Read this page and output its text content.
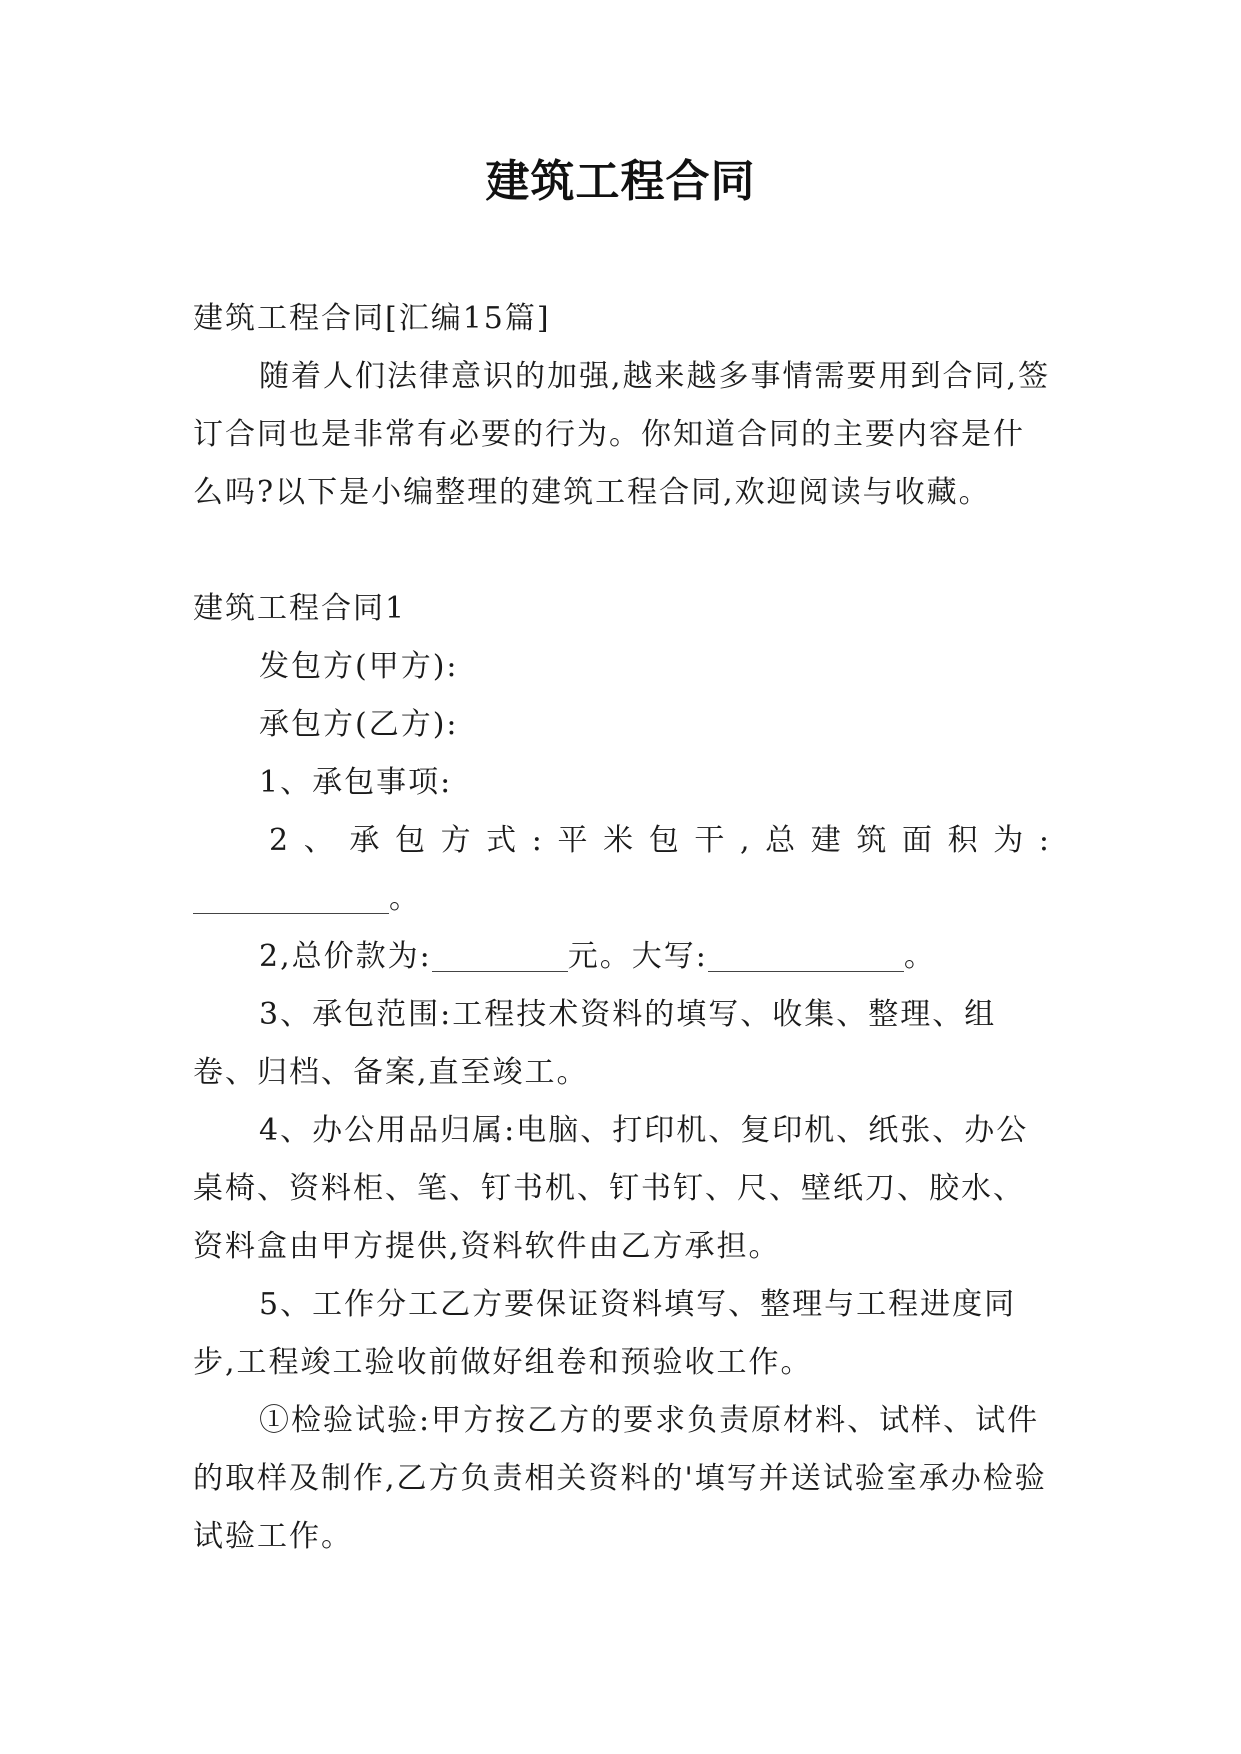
建筑工程合同

建筑工程合同[汇编15篇]

随着人们法律意识的加强,越来越多事情需要用到合同,签订合同也是非常有必要的行为。你知道合同的主要内容是什么吗?以下是小编整理的建筑工程合同,欢迎阅读与收藏。

建筑工程合同1

发包方(甲方):

承包方(乙方):

1、承包事项:

2、承包方式:平米包干,总建筑面积为:

。

2,总价款为:	元。大写:	。

3、承包范围:工程技术资料的填写、收集、整理、组卷、归档、备案,直至竣工。

4、办公用品归属:电脑、打印机、复印机、纸张、办公桌椅、资料柜、笔、钉书机、钉书钉、尺、壁纸刀、胶水、资料盒由甲方提供,资料软件由乙方承担。

5、工作分工乙方要保证资料填写、整理与工程进度同步,工程竣工验收前做好组卷和预验收工作。

①检验试验:甲方按乙方的要求负责原材料、试样、试件的取样及制作,乙方负责相关资料的'填写并送试验室承办检验试验工作。
